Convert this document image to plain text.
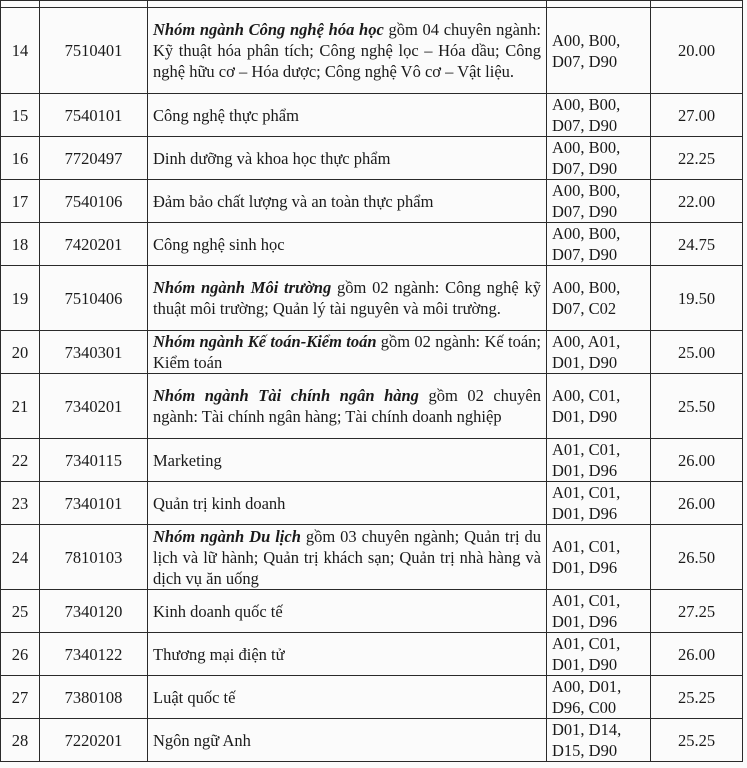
14	7510401	Nhóm ngành Công nghệ hóa học gồm 04 chuyên ngành: Kỹ thuật hóa phân tích; Công nghệ lọc – Hóa dầu; Công nghệ hữu cơ – Hóa dược; Công nghệ Vô cơ – Vật liệu.	A00, B00,
D07, D90	20.00
15	7540101	Công nghệ thực phẩm	A00, B00,
D07, D90	27.00
16	7720497	Dinh dưỡng và khoa học thực phẩm	A00, B00,
D07, D90	22.25
17	7540106	Đảm bảo chất lượng và an toàn thực phẩm	A00, B00,
D07, D90	22.00
18	7420201	Công nghệ sinh học	A00, B00,
D07, D90	24.75
19	7510406	Nhóm ngành Môi trường gồm 02 ngành: Công nghệ kỹ thuật môi trường; Quản lý tài nguyên và môi trường.	A00, B00,
D07, C02	19.50
20	7340301	Nhóm ngành Kế toán-Kiểm toán gồm 02 ngành: Kế toán; Kiểm toán	A00, A01,
D01, D90	25.00
21	7340201	Nhóm ngành Tài chính ngân hàng gồm 02 chuyên ngành: Tài chính ngân hàng; Tài chính doanh nghiệp	A00, C01,
D01, D90	25.50
22	7340115	Marketing	A01, C01,
D01, D96	26.00
23	7340101	Quản trị kinh doanh	A01, C01,
D01, D96	26.00
24	7810103	Nhóm ngành Du lịch gồm 03 chuyên ngành; Quản trị du lịch và lữ hành; Quản trị khách sạn; Quản trị nhà hàng và dịch vụ ăn uống	A01, C01,
D01, D96	26.50
25	7340120	Kinh doanh quốc tế	A01, C01,
D01, D96	27.25
26	7340122	Thương mại điện tử	A01, C01,
D01, D90	26.00
27	7380108	Luật quốc tế	A00, D01,
D96, C00	25.25
28	7220201	Ngôn ngữ Anh	D01, D14,
D15, D90	25.25
